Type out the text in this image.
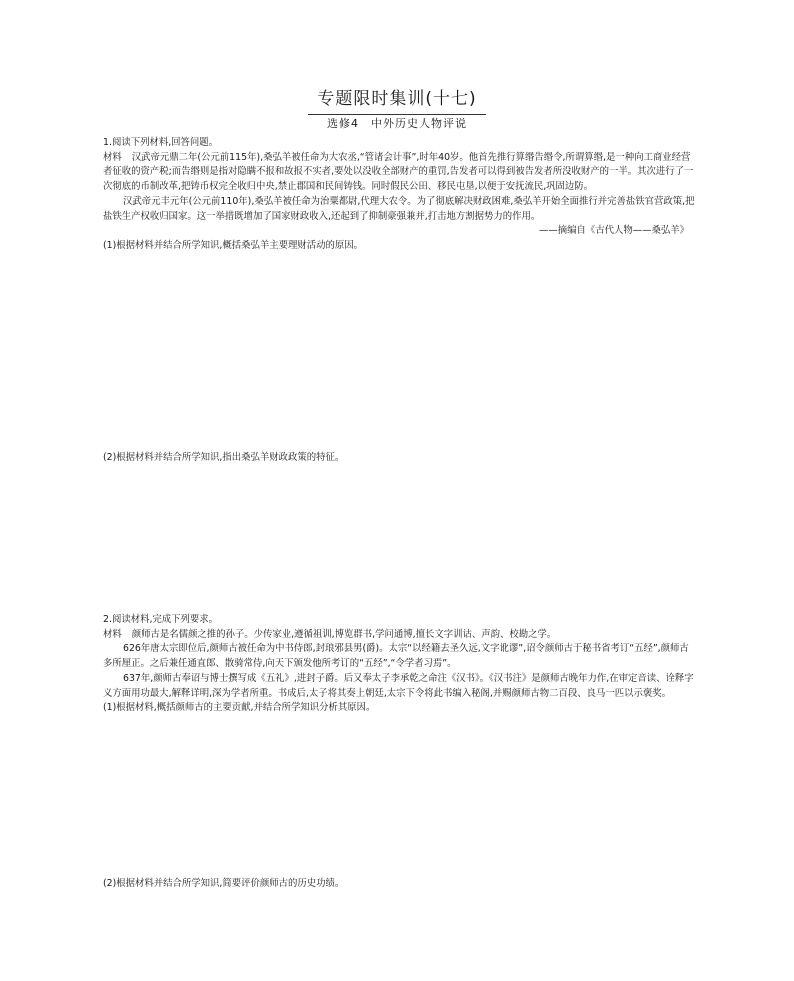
专题限时集训(十七)
选修4　中外历史人物评说

1.阅读下列材料,回答问题。

材料 汉武帝元鼎二年(公元前115年),桑弘羊被任命为大农丞,“管诸会计事”,时年40岁。他首先推行算缗告缗令,所谓算缗,是一种向工商业经营者征收的资产税;而告缗则是指对隐瞒不报和故报不实者,要处以没收全部财产的重罚,告发者可以得到被告发者所没收财产的一半。其次进行了一次彻底的币制改革,把铸币权完全收归中央,禁止郡国和民间铸钱。同时假民公田、移民屯垦,以便于安抚流民,巩固边防。

汉武帝元丰元年(公元前110年),桑弘羊被任命为治粟都尉,代理大农令。为了彻底解决财政困难,桑弘羊开始全面推行并完善盐铁官营政策,把盐铁生产权收归国家。这一举措既增加了国家财政收入,还起到了抑制豪强兼并,打击地方割据势力的作用。

——摘编自《古代人物——桑弘羊》

(1)根据材料并结合所学知识,概括桑弘羊主要理财活动的原因。

(2)根据材料并结合所学知识,指出桑弘羊财政政策的特征。

2.阅读材料,完成下列要求。

材料 颜师古是名儒颜之推的孙子。少传家业,遵循祖训,博览群书,学问通博,擅长文字训诂、声韵、校勘之学。

626年唐太宗即位后,颜师古被任命为中书侍郎,封琅邪县男(爵)。太宗“以经籍去圣久远,文字讹谬”,诏令颜师古于秘书省考订“五经”,颜师古多所厘正。之后兼任通直郎、散骑常侍,向天下颁发他所考订的“五经”,“令学者习焉”。

637年,颜师古奉诏与博士撰写成《五礼》,进封子爵。后又奉太子李承乾之命注《汉书》。《汉书注》是颜师古晚年力作,在审定音读、诠释字义方面用功最大,解释详明,深为学者所重。书成后,太子将其奏上朝廷,太宗下令将此书编入秘阁,并赐颜师古物二百段、良马一匹以示褒奖。

(1)根据材料,概括颜师古的主要贡献,并结合所学知识分析其原因。

(2)根据材料并结合所学知识,简要评价颜师古的历史功绩。
